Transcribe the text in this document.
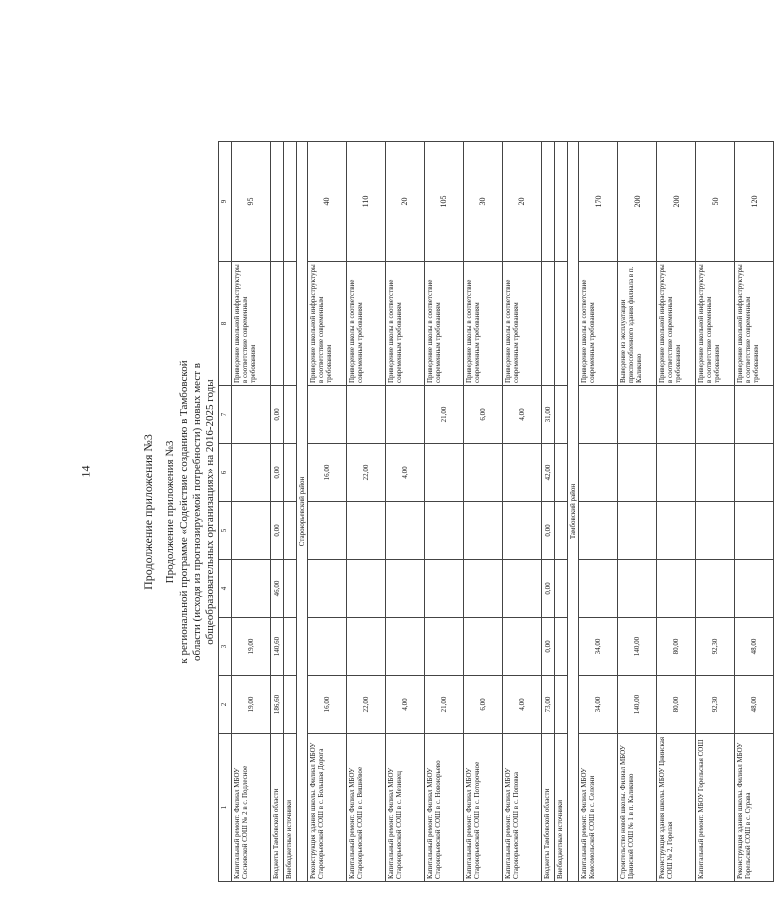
14	Продолжение приложения №3 Продолжение приложения №3 к региональной программе «Содействие созданию в Тамбовской области (исходя из прогнозируемой потребности) новых мест в общеобразовательных организациях» на 2016-2025 годы
1	2	3	4	5	6	7	8	9
Капитальный ремонт. Филиал МБОУ Сосновской СОШ № 2 в с. Подлесное	19,00	19,00					Приведение школьной инфраструктуры в соответствие современным требованиям	95
Бюджеты Тамбовской области	186,60	140,60	46,00	0,00	0,00	0,00		
Внебюджетные источники								
Староюрьевский район								
Реконструкция здания школы. Филиал МБОУ Староюрьевской СОШ в с. Большая Дорога	16,00				16,00		Приведение школьной инфраструктуры в соответствие современным требованиям	40
Капитальный ремонт. Филиал МБОУ Староюрьевской СОШ в с. Вишнёвое	22,00				22,00		Приведение школы в соответствие современным требованиям	110
Капитальный ремонт. Филиал МБОУ Староюрьевской СОШ в с. Мезинец	4,00				4,00		Приведение школы в соответствие современным требованиям	20
Капитальный ремонт. Филиал МБОУ Староюрьевской СОШ в с. Новоюрьево	21,00					21,00	Приведение школы в соответствие современным требованиям	105
Капитальный ремонт. Филиал МБОУ Староюрьевской СОШ в с. Поторочное	6,00					6,00	Приведение школы в соответствие современным требованиям	30
Капитальный ремонт. Филиал МБОУ Староюрьевской СОШ в с. Поповка	4,00					4,00	Приведение школы в соответствие современным требованиям	20
Бюджеты Тамбовской области	73,00	0,00	0,00	0,00	42,00	31,00		
Внебюджетные источники								
Тамбовский район								
Капитальный ремонт. Филиал МБОУ Комсомольской СОШ в с. Селезни	34,00	34,00					Приведение школы в соответствие современным требованиям	170
Строительство новой школы. Филиал МБОУ Цнинской СОШ № 1 в п. Каликино	140,00	140,00					Выведение из эксплуатации приспособленного здания филиала в п. Каликино	200
Реконструкция здания школы. МБОУ Цнинская СОШ № 2, Горелая	80,00	80,00					Приведение школьной инфраструктуры в соответствие современным требованиям	200
Капитальный ремонт. МБОУ Горельская СОШ	92,30	92,30					Приведение школьной инфраструктуры в соответствие современным требованиям	50
Реконструкция здания школы. Филиал МБОУ Горельской СОШ в с. Сурава	48,00	48,00					Приведение школьной инфраструктуры в соответствие современным требованиям	120
